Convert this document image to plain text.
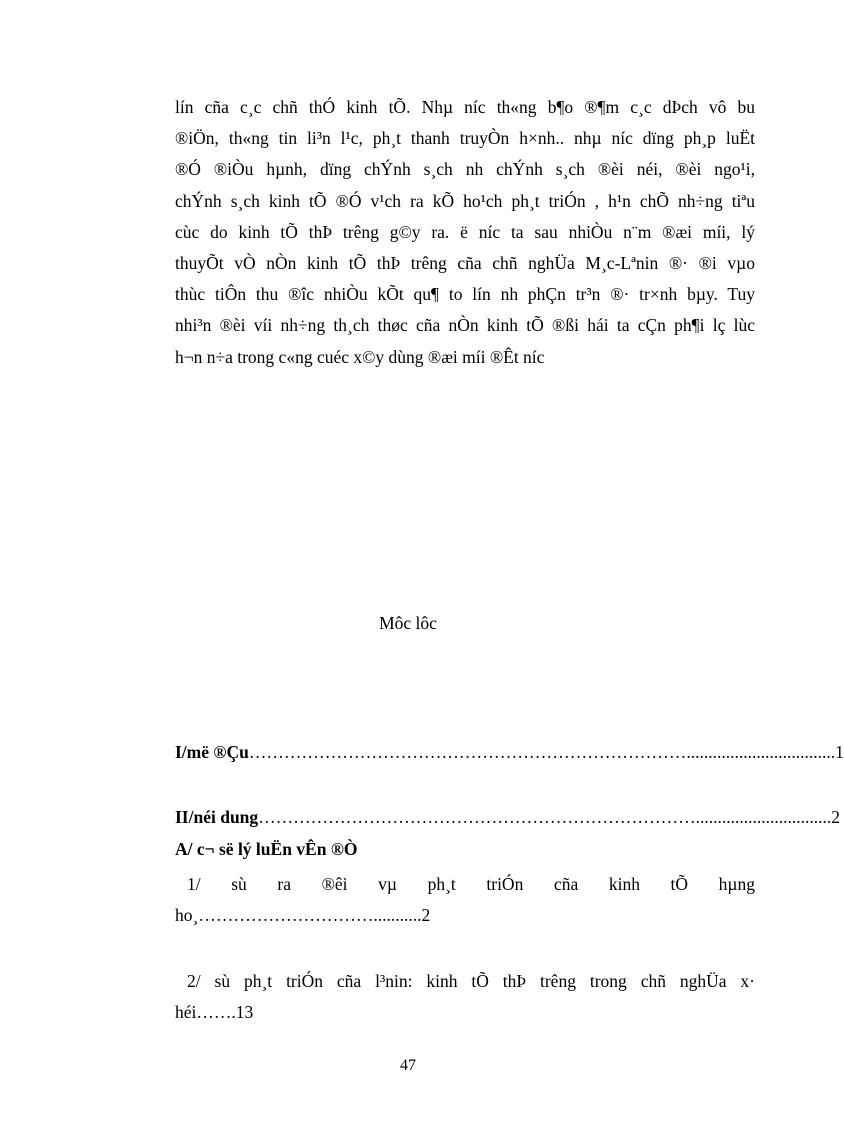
lín cña c¸c chñ thÓ kinh tÕ. Nhµ níc th«ng b¶o ®¶m c¸c dÞch vô bu
®iÖn, th«ng tin li³n l¹c, ph¸t thanh truyÒn h×nh.. nhµ níc dïng ph¸p luËt
®Ó ®iÒu hµnh, dïng chÝnh s¸ch nh chÝnh s¸ch ®èi néi, ®èi ngo¹i,
chÝnh s¸ch kinh tÕ ®Ó v¹ch ra kÕ ho¹ch ph¸t triÓn , h¹n chÕ nh÷ng tiªu
cùc do kinh tÕ thÞ trêng g©y ra. ë níc ta sau nhiÒu n¨m ®æi míi, lý
thuyÕt vÒ nÒn kinh tÕ thÞ trêng cña chñ nghÜa M¸c-Lªnin ®· ®i vµo
thùc tiÔn thu ®îc nhiÒu kÕt qu¶ to lín nh phÇn tr³n ®· tr×nh bµy. Tuy
nhi³n ®èi víi nh÷ng th¸ch thøc cña nÒn kinh tÕ ®ßi hái ta cÇn ph¶i lç lùc
h¬n n÷a trong c«ng cuéc x©y dùng ®æi míi ®Êt níc
Môc lôc
I/më ®Çu…………………………………………………………………..................................1
II/néi dung…………………………………………………………………...............................2
A/ c¬ së lý luËn vÊn ®Ò
1/ sù ra ®êi vµ ph¸t triÓn cña kinh tÕ hµng
ho¸…………………………...........2
2/ sù ph¸t triÓn cña l³nin: kinh tÕ thÞ trêng trong chñ nghÜa x·
héi…….13
47
